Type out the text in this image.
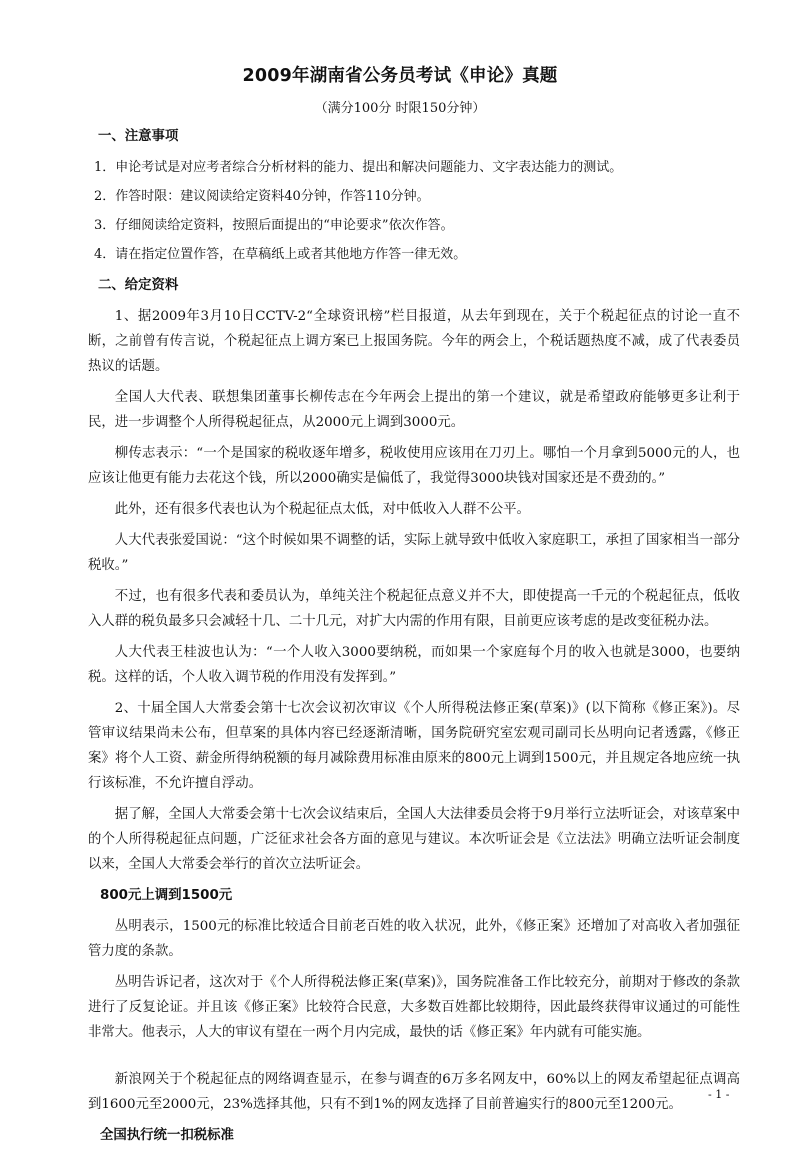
2009年湖南省公务员考试《申论》真题
（满分100分 时限150分钟）
一、注意事项
1．申论考试是对应考者综合分析材料的能力、提出和解决问题能力、文字表达能力的测试。
2．作答时限：建议阅读给定资料40分钟，作答110分钟。
3．仔细阅读给定资料，按照后面提出的“申论要求”依次作答。
4．请在指定位置作答，在草稿纸上或者其他地方作答一律无效。
二、给定资料
1、据2009年3月10日CCTV-2“全球资讯榜”栏目报道，从去年到现在，关于个税起征点的讨论一直不断，之前曾有传言说，个税起征点上调方案已上报国务院。今年的两会上，个税话题热度不减，成了代表委员热议的话题。
全国人大代表、联想集团董事长柳传志在今年两会上提出的第一个建议，就是希望政府能够更多让利于民，进一步调整个人所得税起征点，从2000元上调到3000元。
柳传志表示：“一个是国家的税收逐年增多，税收使用应该用在刀刃上。哪怕一个月拿到5000元的人，也应该让他更有能力去花这个钱，所以2000确实是偏低了，我觉得3000块钱对国家还是不费劲的。”
此外，还有很多代表也认为个税起征点太低，对中低收入人群不公平。
人大代表张爱国说：“这个时候如果不调整的话，实际上就导致中低收入家庭职工，承担了国家相当一部分税收。”
不过，也有很多代表和委员认为，单纯关注个税起征点意义并不大，即使提高一千元的个税起征点，低收入人群的税负最多只会减轻十几、二十几元，对扩大内需的作用有限，目前更应该考虑的是改变征税办法。
人大代表王桂波也认为：“一个人收入3000要纳税，而如果一个家庭每个月的收入也就是3000，也要纳税。这样的话，个人收入调节税的作用没有发挥到。”
2、十届全国人大常委会第十七次会议初次审议《个人所得税法修正案(草案)》(以下简称《修正案》)。尽管审议结果尚未公布，但草案的具体内容已经逐渐清晰，国务院研究室宏观司副司长丛明向记者透露，《修正案》将个人工资、薪金所得纳税额的每月减除费用标准由原来的800元上调到1500元，并且规定各地应统一执行该标准，不允许擅自浮动。
据了解，全国人大常委会第十七次会议结束后，全国人大法律委员会将于9月举行立法听证会，对该草案中的个人所得税起征点问题，广泛征求社会各方面的意见与建议。本次听证会是《立法法》明确立法听证会制度以来，全国人大常委会举行的首次立法听证会。
800元上调到1500元
丛明表示，1500元的标准比较适合目前老百姓的收入状况，此外，《修正案》还增加了对高收入者加强征管力度的条款。
丛明告诉记者，这次对于《个人所得税法修正案(草案)》，国务院准备工作比较充分，前期对于修改的条款进行了反复论证。并且该《修正案》比较符合民意，大多数百姓都比较期待，因此最终获得审议通过的可能性非常大。他表示，人大的审议有望在一两个月内完成，最快的话《修正案》年内就有可能实施。
新浪网关于个税起征点的网络调查显示，在参与调查的6万多名网友中，60%以上的网友希望起征点调高到1600元至2000元，23%选择其他，只有不到1%的网友选择了目前普遍实行的800元至1200元。
全国执行统一扣税标准
- 1 -
